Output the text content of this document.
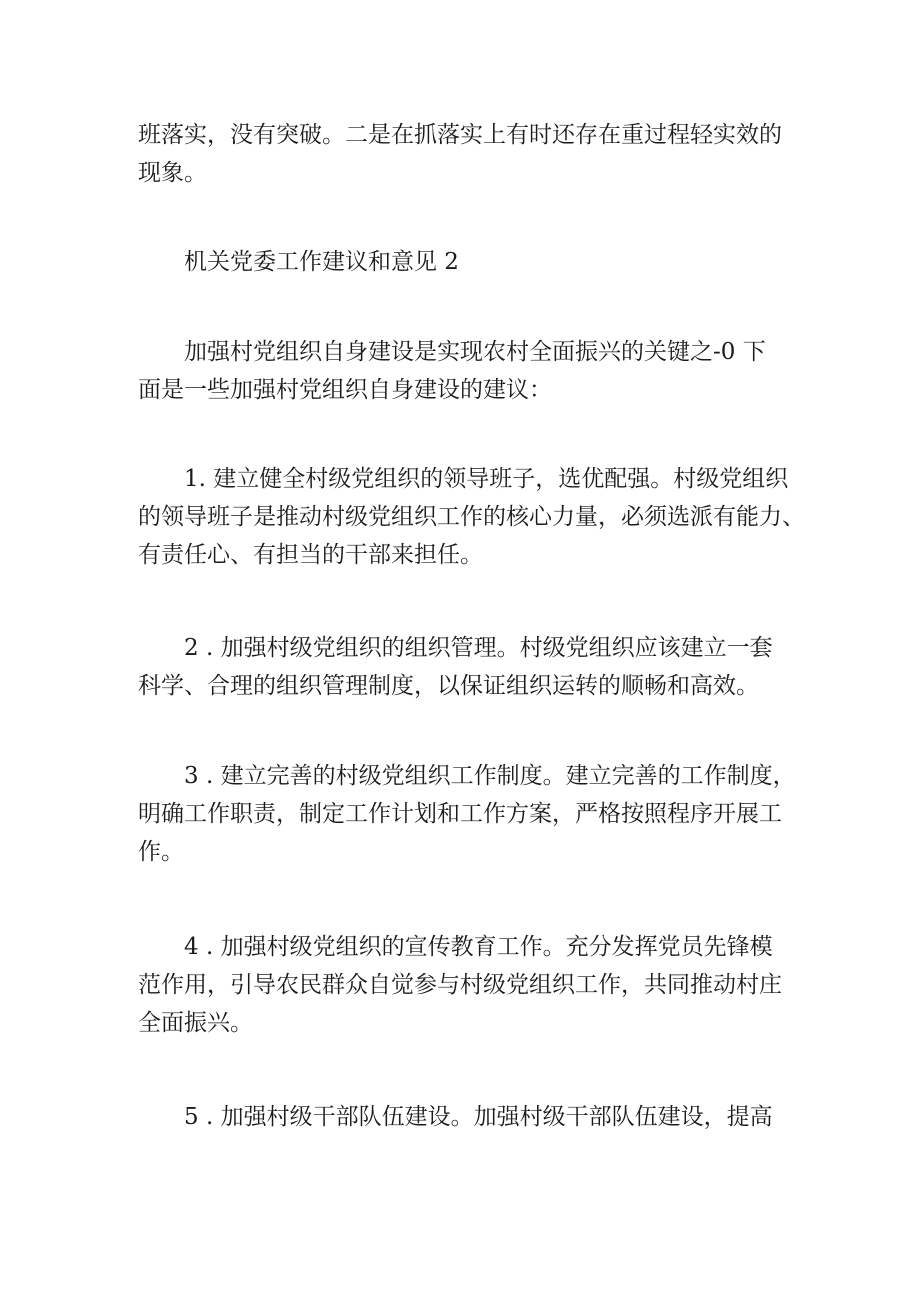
班落实，没有突破。二是在抓落实上有时还存在重过程轻实效的
现象。

　　机关党委工作建议和意见 2

　　加强村党组织自身建设是实现农村全面振兴的关键之-0 下
面是一些加强村党组织自身建设的建议：

　　1. 建立健全村级党组织的领导班子，选优配强。村级党组织
的领导班子是推动村级党组织工作的核心力量，必须选派有能力、
有责任心、有担当的干部来担任。

　　2 . 加强村级党组织的组织管理。村级党组织应该建立一套
科学、合理的组织管理制度，以保证组织运转的顺畅和高效。

　　3 . 建立完善的村级党组织工作制度。建立完善的工作制度，
明确工作职责，制定工作计划和工作方案，严格按照程序开展工
作。

　　4 . 加强村级党组织的宣传教育工作。充分发挥党员先锋模
范作用，引导农民群众自觉参与村级党组织工作，共同推动村庄
全面振兴。

　　5 . 加强村级干部队伍建设。加强村级干部队伍建设，提高
